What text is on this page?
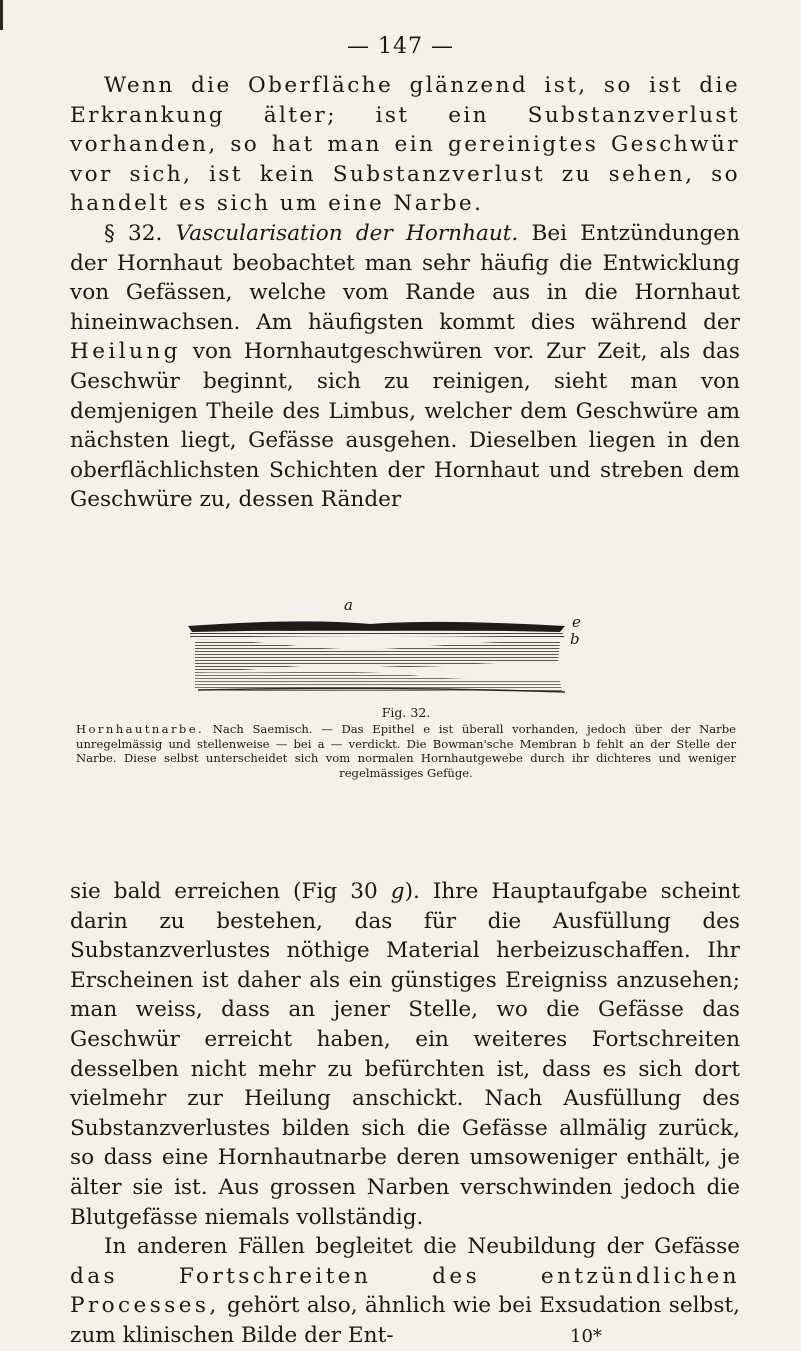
— 147 —

Wenn die Oberfläche glänzend ist, so ist die Erkrankung älter; ist ein Substanzverlust vorhanden, so hat man ein gereinigtes Geschwür vor sich, ist kein Substanzverlust zu sehen, so handelt es sich um eine Narbe.

§ 32. Vascularisation der Hornhaut. Bei Entzündungen der Hornhaut beobachtet man sehr häufig die Entwicklung von Gefässen, welche vom Rande aus in die Hornhaut hineinwachsen. Am häufigsten kommt dies während der Heilung von Hornhautgeschwüren vor. Zur Zeit, als das Geschwür beginnt, sich zu reinigen, sieht man von demjenigen Theile des Limbus, welcher dem Geschwüre am nächsten liegt, Gefässe ausgehen. Dieselben liegen in den oberflächlichsten Schichten der Hornhaut und streben dem Geschwüre zu, dessen Ränder

a
e
b
Fig. 32.

Hornhautnarbe. Nach Saemisch. — Das Epithel e ist überall vorhanden, jedoch über der Narbe unregelmässig und stellenweise — bei a — verdickt. Die Bowman'sche Membran b fehlt an der Stelle der Narbe. Diese selbst unterscheidet sich vom normalen Hornhautgewebe durch ihr dichteres und weniger regelmässiges Gefüge.

sie bald erreichen (Fig 30 g). Ihre Hauptaufgabe scheint darin zu bestehen, das für die Ausfüllung des Substanzverlustes nöthige Material herbeizuschaffen. Ihr Erscheinen ist daher als ein günstiges Ereigniss anzusehen; man weiss, dass an jener Stelle, wo die Gefässe das Geschwür erreicht haben, ein weiteres Fortschreiten desselben nicht mehr zu befürchten ist, dass es sich dort vielmehr zur Heilung anschickt. Nach Ausfüllung des Substanzverlustes bilden sich die Gefässe allmälig zurück, so dass eine Hornhautnarbe deren umsoweniger enthält, je älter sie ist. Aus grossen Narben verschwinden jedoch die Blutgefässe niemals vollständig.

In anderen Fällen begleitet die Neubildung der Gefässe das Fortschreiten des entzündlichen Processes, gehört also, ähnlich wie bei Exsudation selbst, zum klinischen Bilde der Ent-	10*
